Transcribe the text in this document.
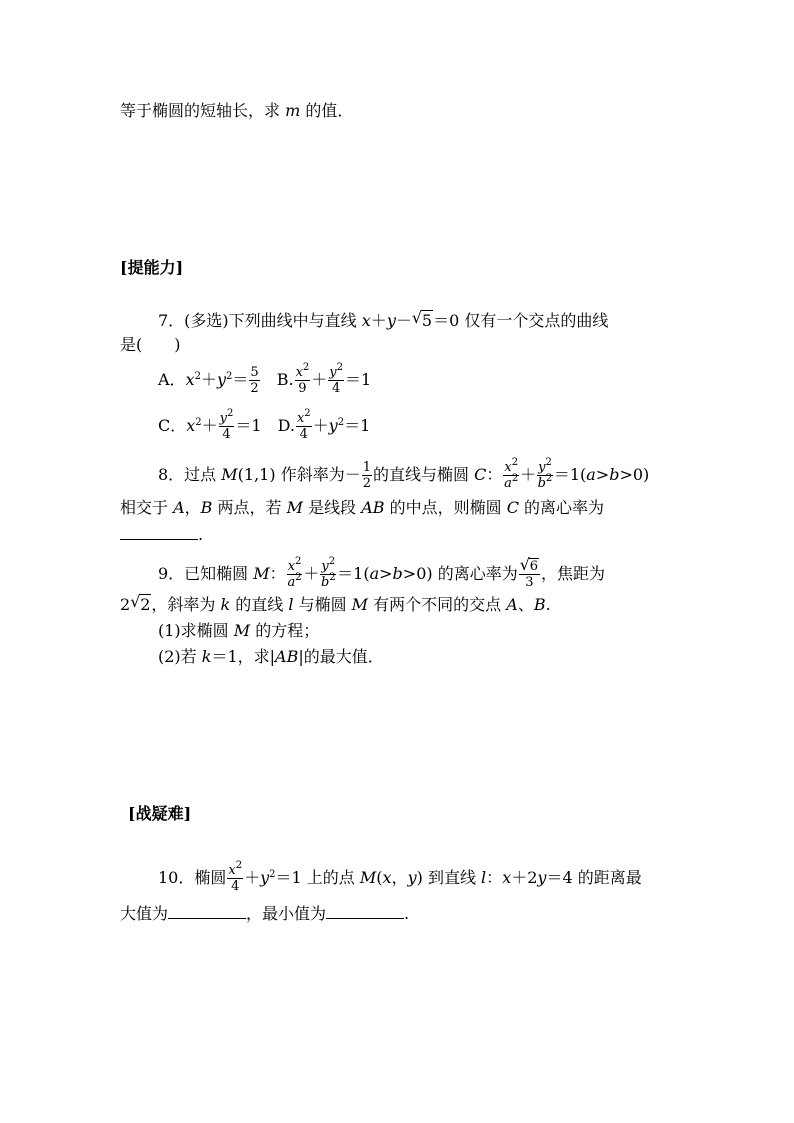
等于椭圆的短轴长，求 m 的值．
[提能力]
7．(多选)下列曲线中与直线 x＋y－ √ 5＝0 仅有一个交点的曲线
是(　　)
A．$x^2+y^2= \frac{5}{2}$ 　B. $\frac{x^2}{9} + \frac{y^2}{4} =1$
C．$x^2+ \frac{y^2}{4} =1$　D. $\frac{x^2}{4} +y^2=1$
8．过点 M(1,1) 作斜率为－ $\frac{1}{2}$ 的直线与椭圆 C： $\frac{x^2}{a^2} + \frac{y^2}{b^2} =1(a>b>0)$
相交于 A，B 两点，若 M 是线段 AB 的中点，则椭圆 C 的离心率为
.
9．已知椭圆 M： $\frac{x^2}{a^2} + \frac{y^2}{b^2} =1(a>b>0)$ 的离心率为 √ $\frac{6}{3}$ ，焦距为
2 √ 2，斜率为 k 的直线 l 与椭圆 M 有两个不同的交点 A、B.
(1)求椭圆 M 的方程；
(2)若 k＝1，求|AB|的最大值．
[战疑难]
10．椭圆 $\frac{x^2}{4} +y^2=1$ 上的点 M(x，y) 到直线 l：x＋2y＝4 的距离最
大值为	，最小值为	.
